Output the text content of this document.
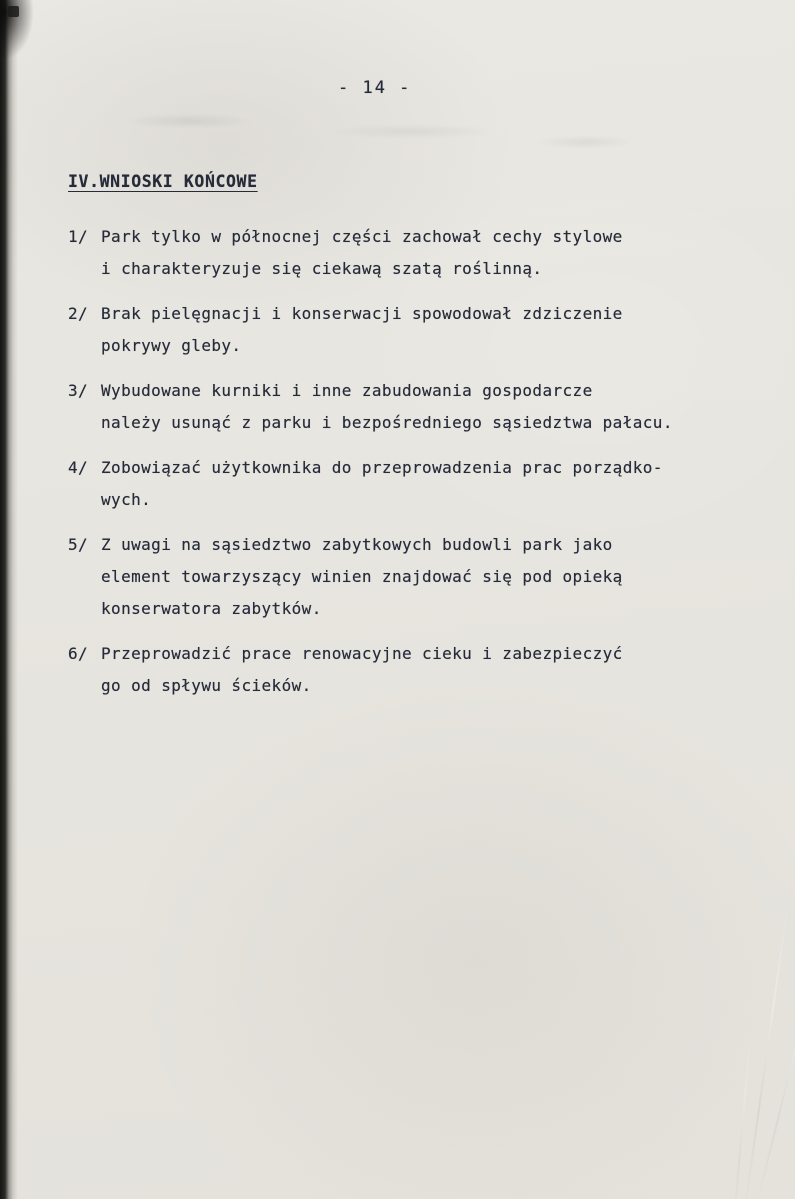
- 14 -
IV.WNIOSKI KOŃCOWE
1/ Park tylko w północnej części zachował cechy stylowe
i charakteryzuje się ciekawą szatą roślinną.
2/ Brak pielęgnacji i konserwacji spowodował zdziczenie
pokrywy gleby.
3/ Wybudowane kurniki i inne zabudowania gospodarcze
należy usunąć z parku i bezpośredniego sąsiedztwa pałacu.
4/ Zobowiązać użytkownika do przeprowadzenia prac porządko-
wych.
5/ Z uwagi na sąsiedztwo zabytkowych budowli park jako
element towarzyszący winien znajdować się pod opieką
konserwatora zabytków.
6/ Przeprowadzić prace renowacyjne cieku i zabezpieczyć
go od spływu ścieków.
